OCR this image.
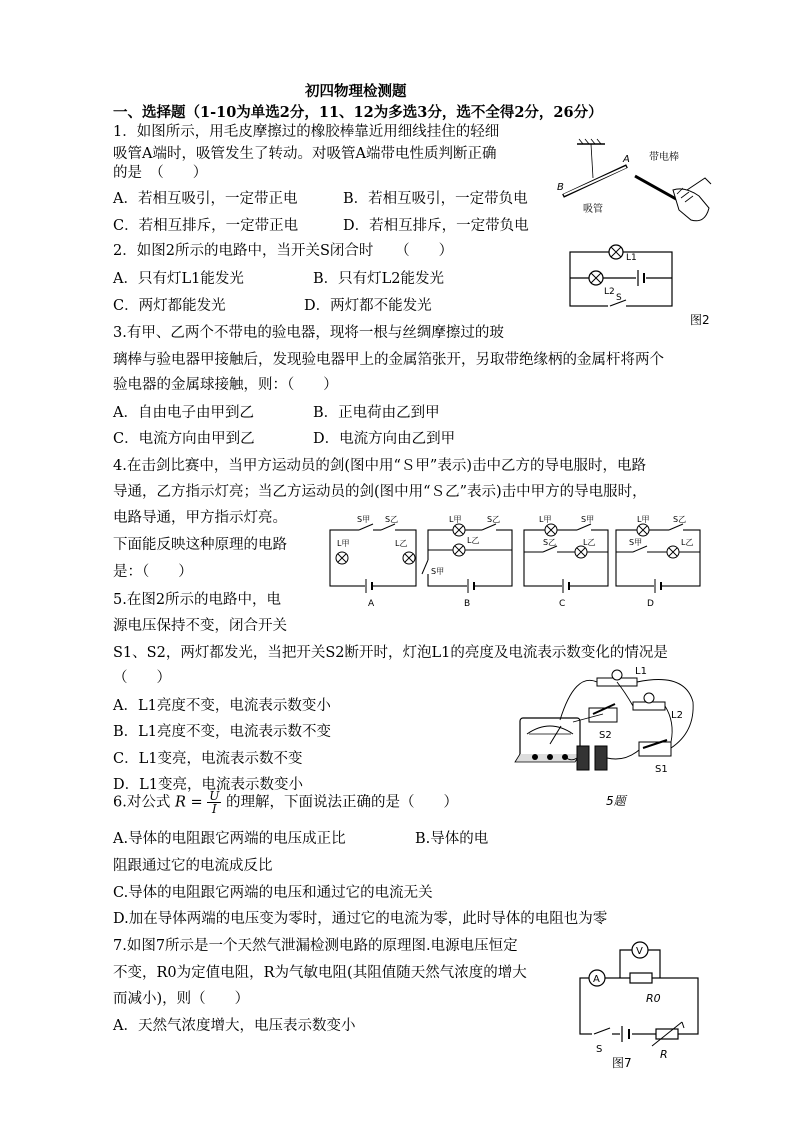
初四物理检测题
一、选择题（1-10为单选2分，11、12为多选3分，选不全得2分，26分）
1．如图所示，用毛皮摩擦过的橡胶棒靠近用细线挂住的轻细
吸管A端时，吸管发生了转动。对吸管A端带电性质判断正确
的是　（　　）
A．若相互吸引，一定带正电	B．若相互吸引，一定带负电
C．若相互排斥，一定带正电	D．若相互排斥，一定带负电
B
A
吸管
带电棒
2．如图2所示的电路中，当开关S闭合时　　（　　）
A．只有灯L1能发光	B．只有灯L2能发光
C．两灯都能发光	D．两灯都不能发光
L1
L2
S
图2
3.有甲、乙两个不带电的验电器，现将一根与丝绸摩擦过的玻
璃棒与验电器甲接触后，发现验电器甲上的金属箔张开，另取带绝缘柄的金属杆将两个
验电器的金属球接触，则：（　　）
A．自由电子由甲到乙	B．正电荷由乙到甲
C．电流方向由甲到乙	D．电流方向由乙到甲
4.在击剑比赛中，当甲方运动员的剑(图中用“Ｓ甲”表示)击中乙方的导电服时，电路
导通，乙方指示灯亮；当乙方运动员的剑(图中用“Ｓ乙”表示)击中甲方的导电服时，
电路导通，甲方指示灯亮。
下面能反映这种原理的电路
是：（　　）
S甲 S乙
L甲	L乙
A
L甲
L乙
S乙
S甲
B
L甲	S甲
S乙	L乙
C
L甲	S乙
S甲	L乙
D
5.在图2所示的电路中，电
源电压保持不变，闭合开关
S1、S2，两灯都发光，当把开关S2断开时，灯泡L1的亮度及电流表示数变化的情况是
（　　）
A．L1亮度不变，电流表示数变小
B．L1亮度不变，电流表示数不变
C．L1变亮，电流表示数不变
D．L1变亮，电流表示数变小
L1
L2
S2
S1
5题
6.对公式 $R = \frac{U}{I}$ 的理解，下面说法正确的是（　　）
A.导体的电阻跟它两端的电压成正比	B.导体的电
阻跟通过它的电流成反比
C.导体的电阻跟它两端的电压和通过它的电流无关
D.加在导体两端的电压变为零时，通过它的电流为零，此时导体的电阻也为零
7.如图7所示是一个天然气泄漏检测电路的原理图.电源电压恒定
不变，R0为定值电阻，R为气敏电阻(其阻值随天然气浓度的增大
而减小)，则（　　）
A．天然气浓度增大，电压表示数变小
V
A
R0
S	R
图7
